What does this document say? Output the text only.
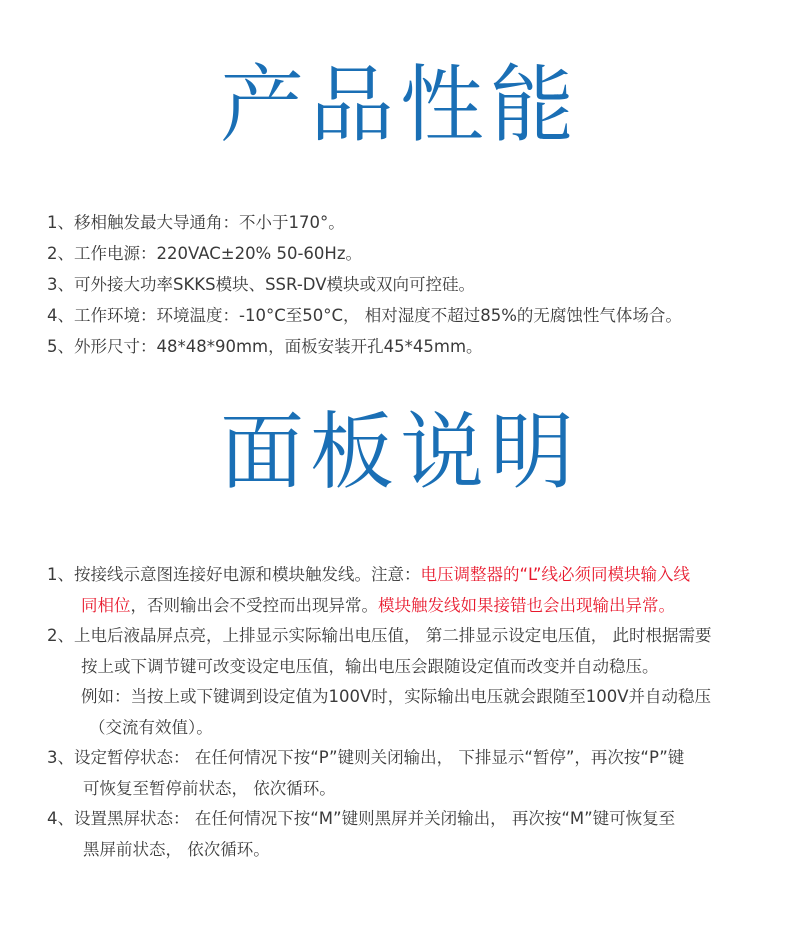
产品性能
1、移相触发最大导通角：不小于170°。
2、工作电源：220VAC±20% 50-60Hz。
3、可外接大功率SKKS模块、SSR-DV模块或双向可控硅。
4、工作环境：环境温度：-10°C至50°C， 相对湿度不超过85%的无腐蚀性气体场合。
5、外形尺寸：48*48*90mm，面板安装开孔45*45mm。
面板说明
1、按接线示意图连接好电源和模块触发线。注意：电压调整器的“L”线必须同模块输入线
同相位，否则输出会不受控而出现异常。模块触发线如果接错也会出现输出异常。
2、上电后液晶屏点亮，上排显示实际输出电压值， 第二排显示设定电压值， 此时根据需要
按上或下调节键可改变设定电压值，输出电压会跟随设定值而改变并自动稳压。
例如：当按上或下键调到设定值为100V时，实际输出电压就会跟随至100V并自动稳压
（交流有效值）。
3、设定暂停状态： 在任何情况下按“P”键则关闭输出， 下排显示“暂停”，再次按“P”键
可恢复至暂停前状态， 依次循环。
4、设置黑屏状态： 在任何情况下按“M”键则黑屏并关闭输出， 再次按“M”键可恢复至
黑屏前状态， 依次循环。
